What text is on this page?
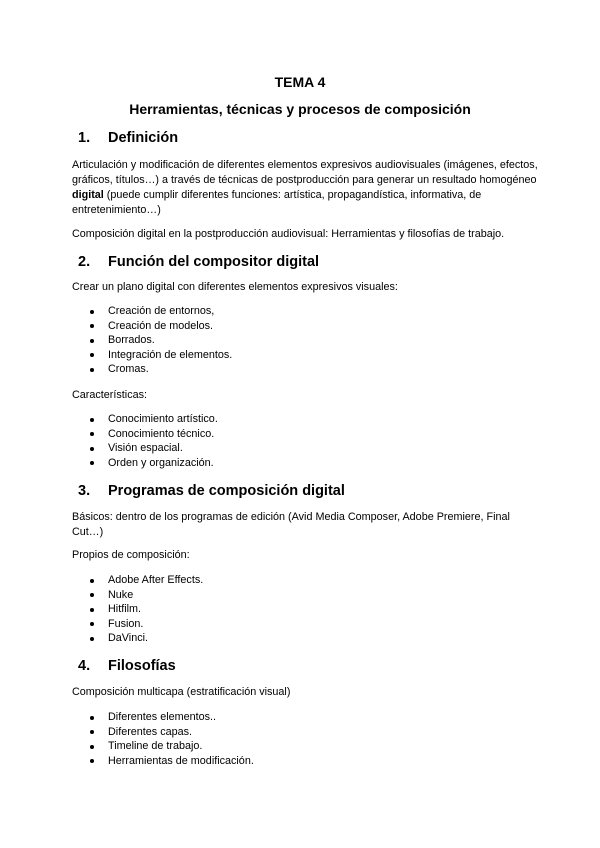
TEMA 4
Herramientas, técnicas y procesos de composición
1. Definición
Articulación y modificación de diferentes elementos expresivos audiovisuales (imágenes, efectos, gráficos, títulos…) a través de técnicas de postproducción para generar un resultado homogéneo digital (puede cumplir diferentes funciones: artística, propagandística, informativa, de entretenimiento…)
Composición digital en la postproducción audiovisual: Herramientas y filosofías de trabajo.
2. Función del compositor digital
Crear un plano digital con diferentes elementos expresivos visuales:
Creación de entornos,
Creación de modelos.
Borrados.
Integración de elementos.
Cromas.
Características:
Conocimiento artístico.
Conocimiento técnico.
Visión espacial.
Orden y organización.
3. Programas de composición digital
Básicos: dentro de los programas de edición (Avid Media Composer, Adobe Premiere, Final Cut…)
Propios de composición:
Adobe After Effects.
Nuke
Hitfilm.
Fusion.
DaVinci.
4. Filosofías
Composición multicapa (estratificación visual)
Diferentes elementos..
Diferentes capas.
Timeline de trabajo.
Herramientas de modificación.
